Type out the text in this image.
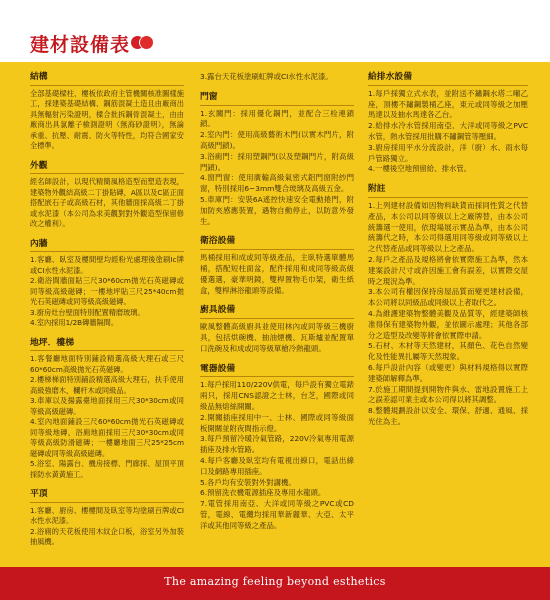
建材設備表
結構
全部基礎樑柱、樓板依政府主管機關核准圖樣施工，採建築基礎結構、鋼筋混凝土造且由廠商出具無輻射污染證明，樑合批拆鋼骨混凝土，由由廠商出具氯離子檢測證明（無海砂證明），無論承重、抗壓、耐震、防火等特性，均符合國家安全標準。
外觀
經名師設計，以現代精簡風格造型而塑造表現，建築物外觀結高級二丁掛貼磚，A區以及C區正面搭配嵌石子或高級石材，其他牆面採高級二丁掛或水泥漆（本公司為求美觀對對外觀造型保留修改之權利）。
內牆
1.客廳、臥室及樓間壁均經粉光處理後塗刷Ic牌或CI水性水泥漆。
2.衛浴間牆面貼三尺30*60cm拋光石英磁磚或同等級高級磁磚；一樓地坪貼三尺25*40cm拋光石英磁磚或同等級高級磁磚。
3.廚房灶台壁面特別配置精磨玻璃。
4.室內採用1/2B磚牆隔間。
地坪．樓梯
1.客餐廳地面特別鋪設精選高級大理石或三尺60*60cm高級拋光石英磁磚。
2.樓梯梯面特別鋪設精選高級大理石，扶手使用高級強磨木，欄杆木或同級品。
3.車庫以及揚露臺地面採用三尺30*30cm或同等級高級磁磚。
4.室內地面鋪設三尺60*60cm拋光石英磁磚或同等級地磚，浴廁地面採用三尺30*30cm或同等級高級防滑磁磚；一樓廳地面三尺25*25cm磁磚或同等級高級磁磚。
5.浴室、陽露台、機房接標、門廊採、屋頂平頂採防水黃黃施工。
平頂
1.客廳、廚房、樓樓間及臥室等均塗刷百牌或CI水性水泥漆。
2.浴廁的天花板使用木紋企口板，浴室另外加裝抽風機。
3.露台天花板塗刷虹牌或CI水性水泥漆。
門窗
1.玄關門：採用優化鋼門，並配合三栓連鎖鎖。
2.室內門：使用高級藝術木門(以實木門片，附高級門鎖)。
3.浴廁門：採用塑鋼門(以及塑鋼門片，附高級門鎖)。
4.窗門窗：使用廣輸高級氣密式鋁門窗附紗門窗，特別採用6~3mm雙合玻璃及高級五金。
5.車庫門：安裝6A遙控快速安全電動捲門，附加防夾感應裝置，遇物自動停止，以防意外發生。
衛浴設備
馬桶採用和成或同等級產品，主臥特選單體馬桶，搭配短柱面盆，配件採用和成同等級高級優選選，豪華明鏡，雙桿置物毛巾架，衛生紙盒，雙桿淋浴龍頭等設備。
廚具設備
歐風整體高級廚具並使用林內或同等級三機廚具，包括烘碗機、抽油煙機、瓦斯爐並配置單口洗碗及和成或同等級單槍冷熱龍頭。
電器設備
1.每戶採用110/220V供電，每戶設有獨立電錶兩只，採用CNS認證之士林，台芝，國際或同級品無熔絲開關。
2.開關插座採用中一、士林、國際或同等級面板開關並附夜間指示燈。
3.每戶預留冷暖冷氣管路，220V冷氣專用電源插座及排水管路。
4.每戶客廳及臥室均有電視出線口，電話出線口及網路專用插座。
5.各戶均有安裝對外對講機。
6.預留洗衣機電源插座及專用水龍頭。
7.電管採用南亞、大洋或同等級之PVC或CD管，電線、電纜均採用華新麗華、大亞、太平洋或其他同等級之產品。
給排水設備
1.每戶採獨立式水表，並附送不鏽鋼水塔二噸乙座，頂樓不鏽鋼製桶乙座，東元或同等級之加壓馬達以及抽水馬達各乙台。
2.給排水冷水管採用南亞、大洋或同等級之PVC水管，熱水管採用批購不鏽鋼管等壓細。
3.廚房採用平水分流設計，洋（廚）水、雨水每戶管路獨立。
4.一樓後空地預留給、排水管。
附註
1.上列建材設備如因物料缺貨而採同性質之代替產品，本公司以同等級以上之廠牌替，由本公司統籌選一使用，依現場展示實品為準，由本公司統籌代之時，本公司得選用同等級或同等級以上之代替產品或同等級以上之產品。
2.每戶之產品及規格將會依實際施工為準，然本建案設計尺寸或許因施工會有誤差，以實際交屋時之現況為準。
3.本公司有權因保持房屋品質而變更建材設備，本公司將以同級品或同級以上者取代之。
4.為維護建築物整體美觀及品質等，經建築師核准得保有建築物外觀，並依圖示處理；其他各部分之造型及改變等將會依實際申請。
5.石材、木材等天然建材，其顏色、花色自然變化及性能異扎屬等天然現象。
6.每戶設計內容（或變更）與材料規格得以實際建築師解釋為準。
7.於施工期間提到開物件與水、雷地設置施工上之誤差認可業主或本公司得以將其調整。
8.整體規劃設計以安全、環保、舒適、通風、採光住為主。
The amazing feeling beyond esthetics
